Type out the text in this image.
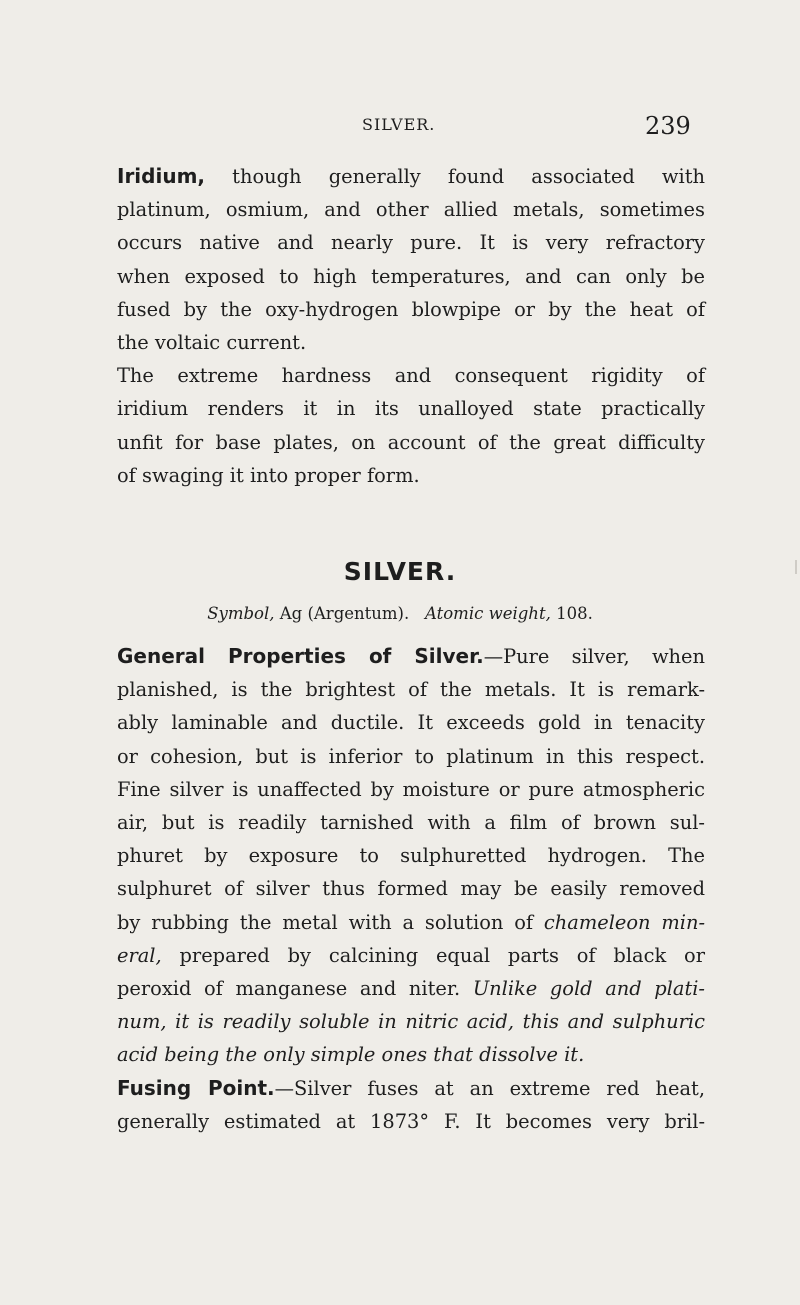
SILVER.	239

Iridium, though generally found associated with
platinum, osmium, and other allied metals, sometimes
occurs native and nearly pure. It is very refractory
when exposed to high temperatures, and can only be
fused by the oxy-hydrogen blowpipe or by the heat of
the voltaic current.

The extreme hardness and consequent rigidity of
iridium renders it in its unalloyed state practically
unfit for base plates, on account of the great difficulty
of swaging it into proper form.

SILVER.
Symbol, Ag (Argentum). Atomic weight, 108.

General Properties of Silver.—Pure silver, when
planished, is the brightest of the metals. It is remark-
ably laminable and ductile. It exceeds gold in tenacity
or cohesion, but is inferior to platinum in this respect.
Fine silver is unaffected by moisture or pure atmospheric
air, but is readily tarnished with a film of brown sul-
phuret by exposure to sulphuretted hydrogen. The
sulphuret of silver thus formed may be easily removed
by rubbing the metal with a solution of chameleon min-
eral, prepared by calcining equal parts of black or
peroxid of manganese and niter. Unlike gold and plati-
num, it is readily soluble in nitric acid, this and sulphuric
acid being the only simple ones that dissolve it.

Fusing Point.—Silver fuses at an extreme red heat,
generally estimated at 1873° F. It becomes very bril-
